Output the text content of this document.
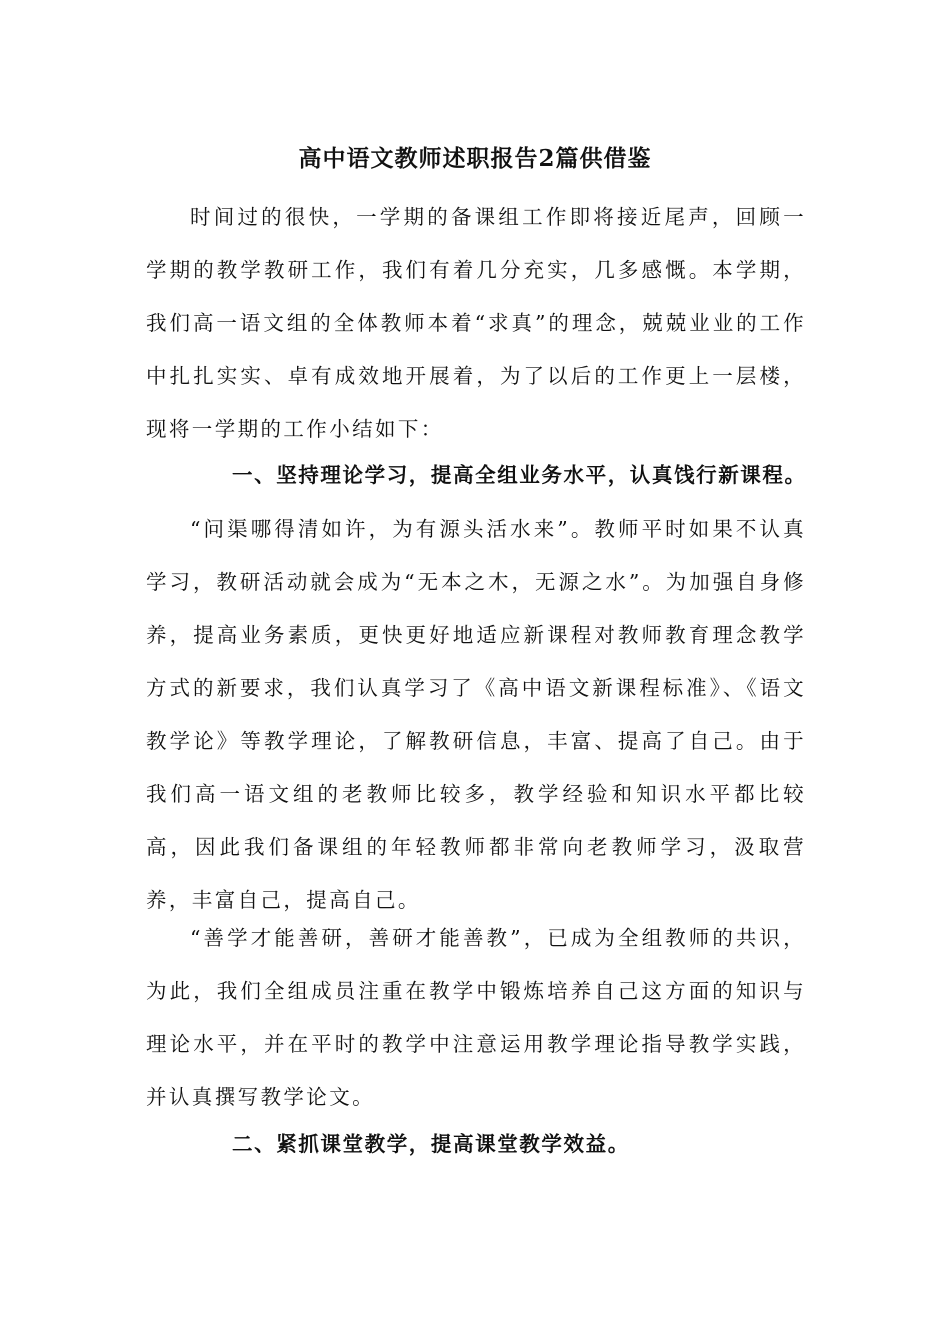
高中语文教师述职报告2篇供借鉴

时间过的很快，一学期的备课组工作即将接近尾声，回顾一学期的教学教研工作，我们有着几分充实，几多感慨。本学期，我们高一语文组的全体教师本着“求真”的理念，兢兢业业的工作中扎扎实实、卓有成效地开展着，为了以后的工作更上一层楼，现将一学期的工作小结如下：

一、坚持理论学习，提高全组业务水平，认真饯行新课程。

“问渠哪得清如许，为有源头活水来”。教师平时如果不认真学习，教研活动就会成为“无本之木，无源之水”。为加强自身修养，提高业务素质，更快更好地适应新课程对教师教育理念教学方式的新要求，我们认真学习了《高中语文新课程标准》、《语文教学论》等教学理论，了解教研信息，丰富、提高了自己。由于我们高一语文组的老教师比较多，教学经验和知识水平都比较高，因此我们备课组的年轻教师都非常向老教师学习，汲取营养，丰富自己，提高自己。

“善学才能善研，善研才能善教”，已成为全组教师的共识，为此，我们全组成员注重在教学中锻炼培养自己这方面的知识与理论水平，并在平时的教学中注意运用教学理论指导教学实践，并认真撰写教学论文。

二、紧抓课堂教学，提高课堂教学效益。
